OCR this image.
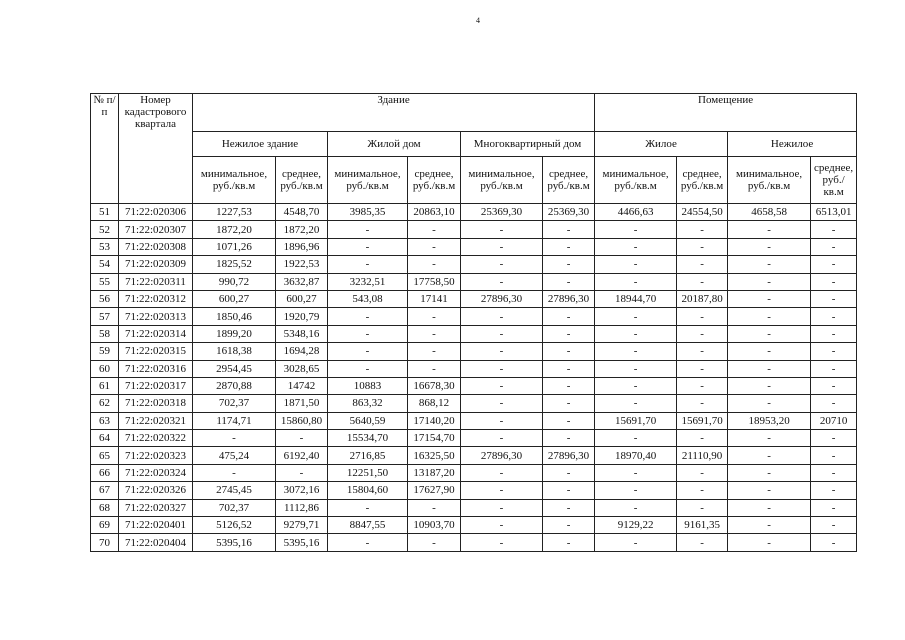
4
№ п/п	Номер кадастрового квартала	Здание						Помещение			
		Нежилое здание		Жилой дом		Многоквартирный дом		Жилое		Нежилое	
		минимальное, руб./кв.м	среднее, руб./кв.м	минимальное, руб./кв.м	среднее, руб./кв.м	минимальное, руб./кв.м	среднее, руб./кв.м	минимальное, руб./кв.м	среднее, руб./кв.м	минимальное, руб./кв.м	среднее, руб./кв.м
51	71:22:020306	1227,53	4548,70	3985,35	20863,10	25369,30	25369,30	4466,63	24554,50	4658,58	6513,01
52	71:22:020307	1872,20	1872,20	-	-	-	-	-	-	-	-
53	71:22:020308	1071,26	1896,96	-	-	-	-	-	-	-	-
54	71:22:020309	1825,52	1922,53	-	-	-	-	-	-	-	-
55	71:22:020311	990,72	3632,87	3232,51	17758,50	-	-	-	-	-	-
56	71:22:020312	600,27	600,27	543,08	17141	27896,30	27896,30	18944,70	20187,80	-	-
57	71:22:020313	1850,46	1920,79	-	-	-	-	-	-	-	-
58	71:22:020314	1899,20	5348,16	-	-	-	-	-	-	-	-
59	71:22:020315	1618,38	1694,28	-	-	-	-	-	-	-	-
60	71:22:020316	2954,45	3028,65	-	-	-	-	-	-	-	-
61	71:22:020317	2870,88	14742	10883	16678,30	-	-	-	-	-	-
62	71:22:020318	702,37	1871,50	863,32	868,12	-	-	-	-	-	-
63	71:22:020321	1174,71	15860,80	5640,59	17140,20	-	-	15691,70	15691,70	18953,20	20710
64	71:22:020322	-	-	15534,70	17154,70	-	-	-	-	-	-
65	71:22:020323	475,24	6192,40	2716,85	16325,50	27896,30	27896,30	18970,40	21110,90	-	-
66	71:22:020324	-	-	12251,50	13187,20	-	-	-	-	-	-
67	71:22:020326	2745,45	3072,16	15804,60	17627,90	-	-	-	-	-	-
68	71:22:020327	702,37	1112,86	-	-	-	-	-	-	-	-
69	71:22:020401	5126,52	9279,71	8847,55	10903,70	-	-	9129,22	9161,35	-	-
70	71:22:020404	5395,16	5395,16	-	-	-	-	-	-	-	-
